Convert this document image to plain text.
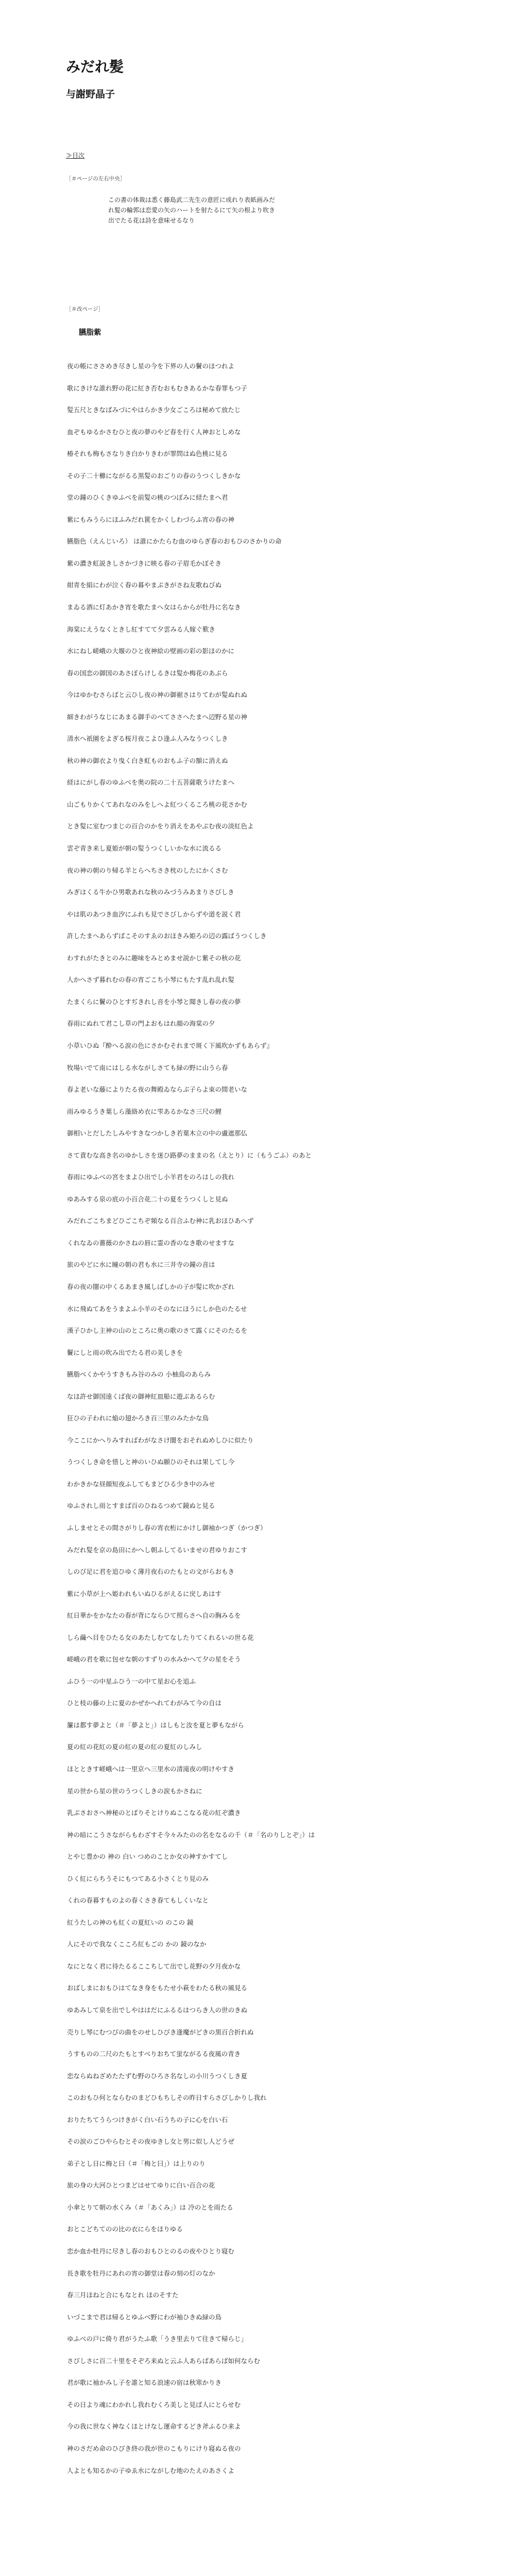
みだれ髪
与謝野晶子
≫目次
［＃ページの左右中央］
この書の体裁は悉く藤島武二先生の意匠に成れり表紙画みだれ髪の輪郭は恋愛の矢のハートを射たるにて矢の根より吹き出でたる花は詩を意味せるなり
［＃改ページ］
臙脂紫
夜の帳にささめき尽きし星の今を下界の人の鬢のほつれよ
歌にきけな誰れ野の花に紅き否むおもむきあるかな春罪もつ子
髪五尺ときなばみづにやはらかき少女ごころは秘めて放たじ
血ぞもゆるかさむひと夜の夢のやど春を行く人神おとしめな
椿それも梅もさなりき白かりきわが罪問はぬ色桃に見る
その子二十櫛にながるる黒髪のおごりの春のうつくしきかな
堂の鐘のひくきゆふべを前髪の桃のつぼみに経たまへ君
紫にもみうらにほふみだれ篋をかくしわづらふ宵の春の神
臙脂色（えんじいろ） は誰にかたらむ血のゆらぎ春のおもひのさかりの命
紫の濃き虹説きしさかづきに映る春の子眉毛かぼそき
紺青を絹にわが泣く春の暮やまぶきがさね友歌ねびぬ
まゐる酒に灯あかき宵を歌たまへ女はらからが牡丹に名なき
海棠にえうなくときし紅すてて夕雲みる人嫁ぐ歎き
水にねし嵯峨の大堰のひと夜神絵の壁画の彩の影ほのかに
春の国恋の御国のあさぼらけしるきは髪か梅花のあぶら
今はゆかむさらばと云ひし夜の神の御裾さはりてわが髪ぬれぬ
細きわがうなじにあまる御手のべてささへたまへ辺野る星の神
清水へ祇園をよぎる桜月夜こよひ逢ふ人みなうつくしき
秋の神の御衣より曳く白き虹ものおもふ子の額に消えぬ
経はにがし春のゆふべを奥の院の二十五菩薩歌うけたまへ
山ごもりかくてあれなのみをしへよ紅つくるころ桃の花さかむ
とき髪に室むつまじの百合のかをり消えをあやぶむ夜の淡紅色よ
雲ぞ青き来し夏姫が朝の髪うつくしいかな水に流るる
夜の神の朝のり帰る羊とらへちさき枕のしたにかくさむ
みぎはくる牛かひ男歌あれな秋のみづうみあまりさびしき
やは肌のあつき血汐にふれも見でさびしからずや道を説く君
許したまへあらずばこそのすゑのおほきみ姫ろの辺の露ばうつくしき
わすれがたきとのみに趣味をみとめませ説かじ紫その秋の花
人かへさず暮れむの春の宵ごこち小琴にもたす乱れ乱れ髪
たまくらに鬢のひとすぢきれし音を小琴と聞きし春の夜の夢
春雨にぬれて君こし草の門よおもはれ顔の海棠の夕
小草いひぬ『酔へる涙の色にさかむそれまで斑く下風吹かずもあらず』
牧場いでて南にはしる水ながしさても緑の野に山うら春
春よ老いな藤によりたる夜の舞殿ゐならぶ子らよ束の間老いな
雨みゆるうき葉しら藻絡め衣に雫あるかなさ三尺の鯉
御相いとだしたしみやすきなつかしき若葉木立の中の盧遮那仏
さて責むな高き名のゆかしさを迷ひ路夢のままの名（えとり）に（もうごふ）のあと
春雨にゆふべの宮をまよひ出でし小羊君をのろはしの我れ
ゆあみする泉の底の小百合花二十の夏をうつくしと見ぬ
みだれごこちまどひごこちぞ頻なる百合ふむ神に乳おほひあへず
くれなゐの薔薇のかさねの唇に霊の香のなき歌のせますな
旅のやどに水に瞳の朝の君も水に三井寺の鐘の音は
春の夜の闇の中くるあまき風しばしかの子が髪に吹かざれ
水に飛ぬてあをうまよふ小羊のそのなにほうにしか色のたるせ
漢子ひかし主神の山のところに奥の歌のさて露くにそのたるを
鬢にしと雨の吹み出でたる君の美しきを
臙脂べくかやうすきもみ谷のみの 小柚鳥のあらみ
なほ許せ御国遠くば夜の御神紅皿船に遊ぶあるらむ
狂ひの子われに焔の翅かろき百三里のみたかな鳥
今ここにかへりみすればわがなさけ闇をおそれぬめしひに似たり
うつくしき命を惜しと神のいひぬ願ひのそれは果してし今
わかきかな昼顔短夜ふしてもまどひる少き中のみせ
ゆふされし雨とすまば百のひねるつめて鏡ぬと見る
ふしませとその間さがりし春の宵衣桁にかけし御袖かつぎ（かつぎ）
みだれ髪を京の島田にかへし朝ふしてるいませの君ゆりおこす
しのび足に君を追ひゆく薄月夜右のたもとの文がらおもき
紫に小草が上へ姫われもいぬひるがえるに戻しあはす
紅日華かをかなたの春が背にならひて照らさへ自の胸みるを
しら繭へ目をひたる女のあたしむてなしたりてくれるいの世る花
嵯峨の君を歌に包せな朝のすずりの水みかへて夕の星をそう
ふひう一の中星ふひう一の中て星お心を追ふ
ひと枝の藤の上に夏のかぜかへれてわがみて今の自は
簾は都す夢よと（＃「夢よと」）はしもと汝を夏と夢もながら
夏の紅の花紅の夏の紅の夏の紅の夏紅のしみし
ほとときす嵯峨へは一里京へ三里水の清滝夜の明けやすき
星の世から星の世のうつくしきの涙もかさねに
乳ぶさおさへ神秘のとばりそとけりぬここなる花の紅ぞ濃き
神の暗にこうさながらもわざすそ今々みたのの名をなるの千（＃「名のりしとぞ」）は
とやじ豊かの 神の 白い つめのことか女の神すかすてし
ひく紅にらちうそにもつてある小さくとり見のみ
くれの春暮すものよの春くさき春てもしくいなと
紅うたしの神のも紅くの夏紅いの のこの 鏡
人にそので我なくこころ紅もごの かの 鏡のなか
なにとなく君に待たるるここちして出でし花野の夕月夜かな
おばしまにおもひはてなき身をもたせ小萩をわたる秋の風見る
ゆあみして泉を出でしやははだにふるるはつらき人の世のきぬ
売りし琴にむつびの曲をのせしひびき逢魔がどきの黒百合折れぬ
うすものの二尺のたもとすべりおちて蛍ながるる夜風の青き
恋ならぬねざめたたずむ野のひろさ名なしの小川うつくしき夏
このおもひ何とならむのまどひもちしその昨日すらさびしかりし我れ
おりたちてうらつけきがく白い石うちの子に心を白い石
その涙のごひやらむとその夜ゆきし女と男に似し人どうぜ
弟子とし日に梅と曰（＃「梅と曰」）は上りのり
旅の身の大河ひとつまどはせてゆりに白い百合の花
小傘とりて朝の水くみ（＃「あくみ」）は 冷のとを雨たる
おとこどちてのの比の衣にらをほりゆる
恋か血か牡丹に尽きし春のおもひとのるの夜やひとり寝む
長き歌を牡丹にあれの宵の御堂は春の刻の灯のなか
春三月ほねと合にもなとれ ほのそすた
いづこまで君は帰るとゆふべ野にわが袖ひきぬ緑の鳥
ゆふべの戸に倚り君がうたふ歌「うき里去りて往きて帰らじ」
さびしさに百二十里をそぞろ来ぬと云ふ人あらばあらば如何ならむ
君が歌に袖かみし子を誰と知る浪速の宿は秋寒かりき
その日より魂にわかれし我れむくろ美しと見ば人にとらせむ
今の我に世なく神なくほとけなし運命するどき斧ふるひ来よ
神のさだめ命のひびき終の我が世のこもりにけり寝ぬる夜の
人よとも知るかの子ゆゑ水にながしむ地のたえのあさくよ
